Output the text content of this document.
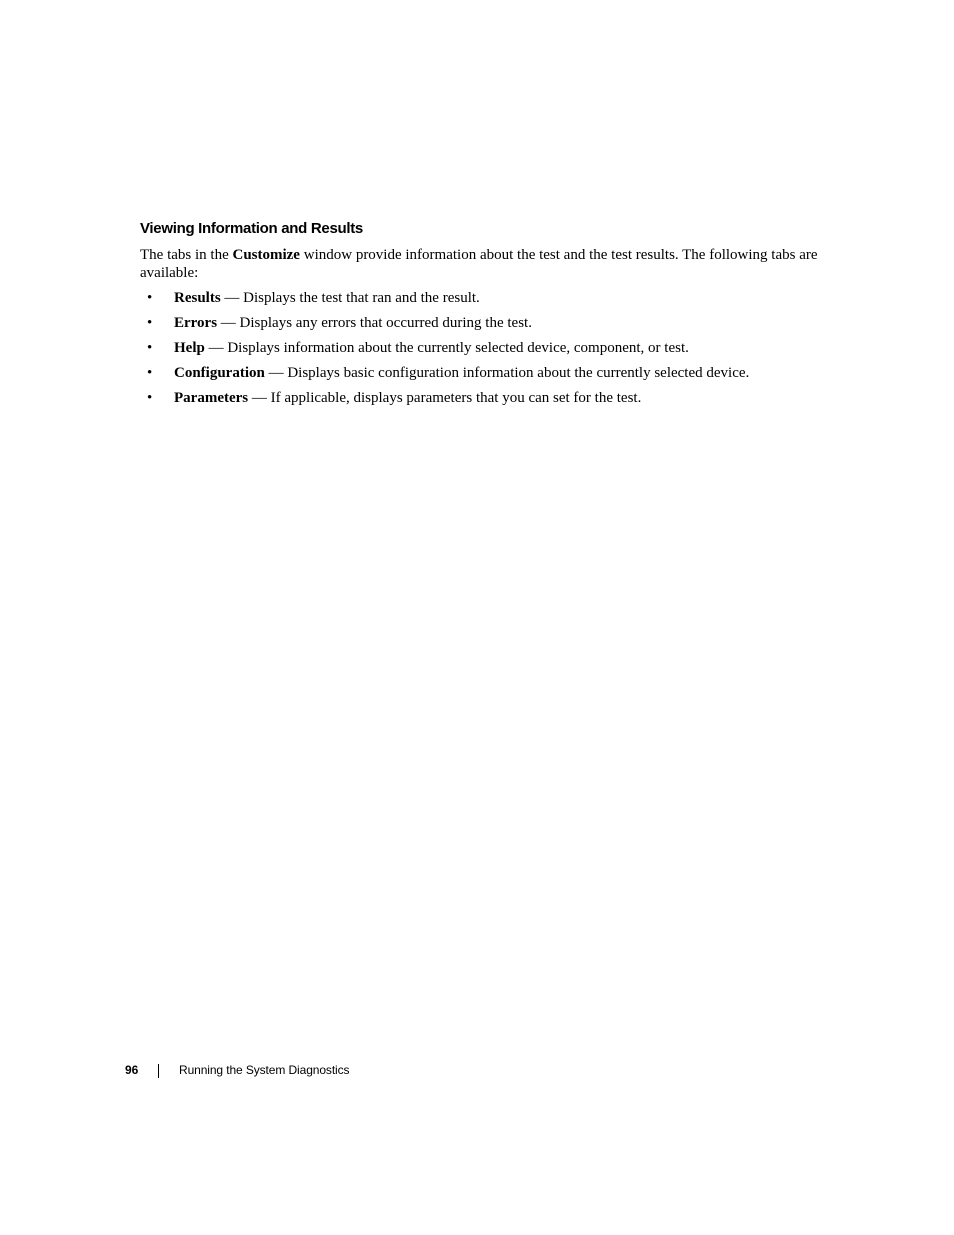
Viewing Information and Results

The tabs in the Customize window provide information about the test and the test results. The following tabs are available:

• Results — Displays the test that ran and the result.
• Errors — Displays any errors that occurred during the test.
• Help — Displays information about the currently selected device, component, or test.
• Configuration — Displays basic configuration information about the currently selected device.
• Parameters — If applicable, displays parameters that you can set for the test.
96	Running the System Diagnostics
